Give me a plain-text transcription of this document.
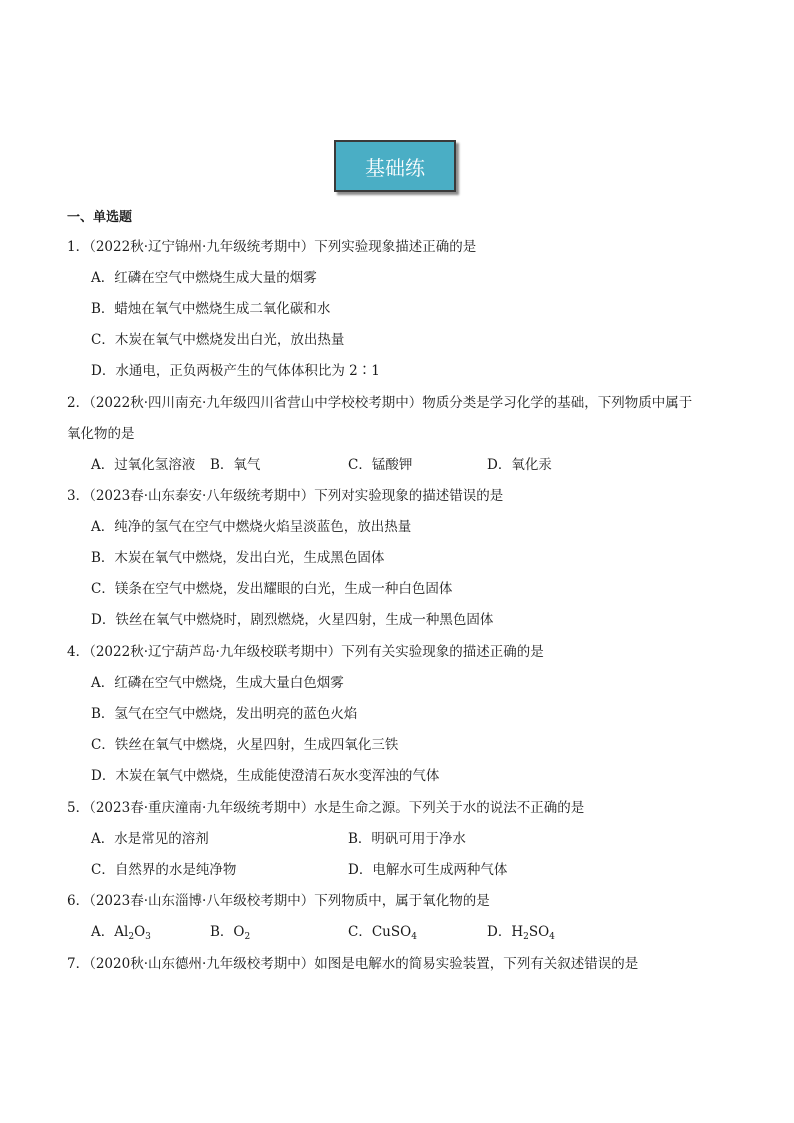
基础练
一、单选题
1．（2022秋·辽宁锦州·九年级统考期中）下列实验现象描述正确的是
A．红磷在空气中燃烧生成大量的烟雾
B．蜡烛在氧气中燃烧生成二氧化碳和水
C．木炭在氧气中燃烧发出白光，放出热量
D．水通电，正负两极产生的气体体积比为 2∶1
2．（2022秋·四川南充·九年级四川省营山中学校校考期中）物质分类是学习化学的基础，下列物质中属于
氧化物的是
A．过氧化氢溶液 B．氧气	C．锰酸钾	D．氧化汞
3．（2023春·山东泰安·八年级统考期中）下列对实验现象的描述错误的是
A．纯净的氢气在空气中燃烧火焰呈淡蓝色，放出热量
B．木炭在氧气中燃烧，发出白光，生成黑色固体
C．镁条在空气中燃烧，发出耀眼的白光，生成一种白色固体
D．铁丝在氧气中燃烧时，剧烈燃烧，火星四射，生成一种黑色固体
4．（2022秋·辽宁葫芦岛·九年级校联考期中）下列有关实验现象的描述正确的是
A．红磷在空气中燃烧，生成大量白色烟雾
B．氢气在空气中燃烧，发出明亮的蓝色火焰
C．铁丝在氧气中燃烧，火星四射，生成四氧化三铁
D．木炭在氧气中燃烧，生成能使澄清石灰水变浑浊的气体
5．（2023春·重庆潼南·九年级统考期中）水是生命之源。下列关于水的说法不正确的是
A．水是常见的溶剂	B．明矾可用于净水
C．自然界的水是纯净物	D．电解水可生成两种气体
6．（2023春·山东淄博·八年级校考期中）下列物质中，属于氧化物的是
A．$Al_2O_3$	B．$O_2$	C．CuSO$_4$	D．$H_2SO_4$
7．（2020秋·山东德州·九年级校考期中）如图是电解水的简易实验装置，下列有关叙述错误的是
